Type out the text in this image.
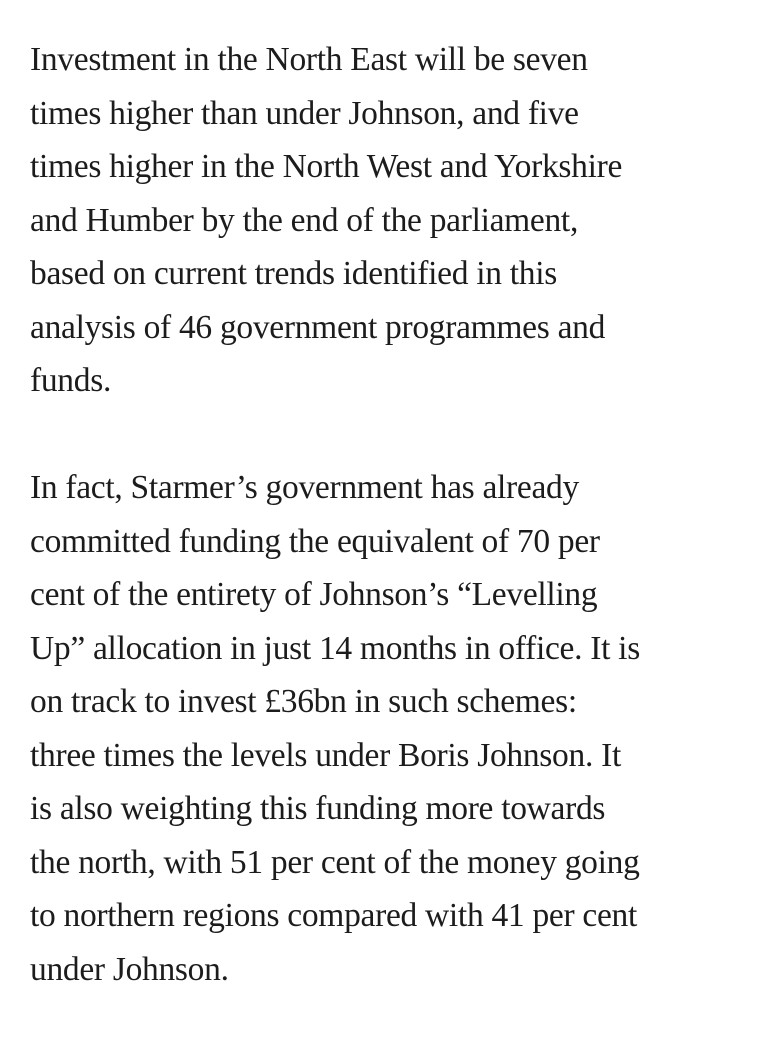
Investment in the North East will be seven
times higher than under Johnson, and five
times higher in the North West and Yorkshire
and Humber by the end of the parliament,
based on current trends identified in this
analysis of 46 government programmes and
funds.

In fact, Starmer’s government has already
committed funding the equivalent of 70 per
cent of the entirety of Johnson’s “Levelling
Up” allocation in just 14 months in office. It is
on track to invest £36bn in such schemes:
three times the levels under Boris Johnson. It
is also weighting this funding more towards
the north, with 51 per cent of the money going
to northern regions compared with 41 per cent
under Johnson.
